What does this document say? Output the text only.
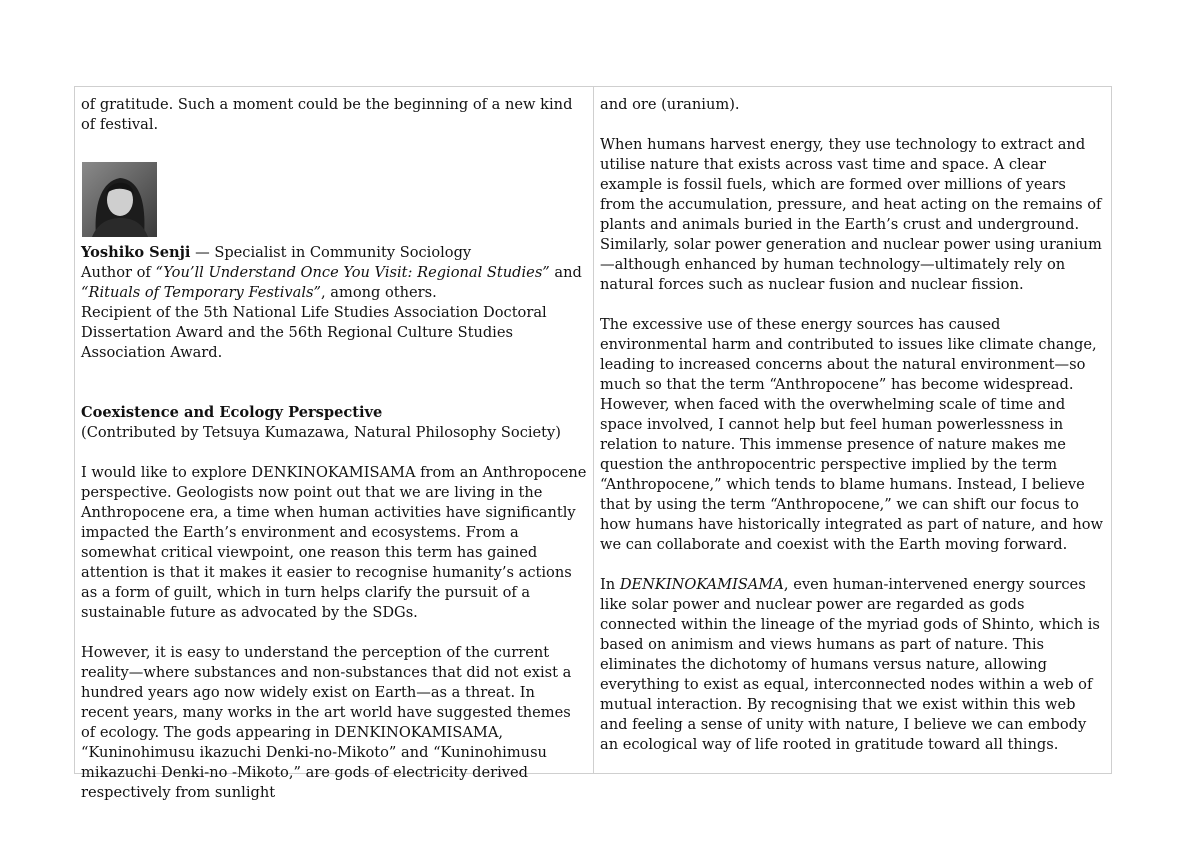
of gratitude. Such a moment could be the beginning of a new kind of festival.

Yoshiko Senji — Specialist in Community Sociology
Author of “You’ll Understand Once You Visit: Regional Studies” and
“Rituals of Temporary Festivals”, among others.
Recipient of the 5th National Life Studies Association Doctoral Dissertation Award and the 56th Regional Culture Studies Association Award.

Coexistence and Ecology Perspective

(Contributed by Tetsuya Kumazawa, Natural Philosophy Society)

I would like to explore DENKINOKAMISAMA from an Anthropocene perspective. Geologists now point out that we are living in the Anthropocene era, a time when human activities have significantly impacted the Earth’s environment and ecosystems. From a somewhat critical viewpoint, one reason this term has gained attention is that it makes it easier to recognise humanity’s actions as a form of guilt, which in turn helps clarify the pursuit of a sustainable future as advocated by the SDGs.

However, it is easy to understand the perception of the current reality—where substances and non-substances that did not exist a hundred years ago now widely exist on Earth—as a threat. In recent years, many works in the art world have suggested themes of ecology. The gods appearing in DENKINOKAMISAMA, “Kuninohimusu ikazuchi Denki-no-Mikoto” and “Kuninohimusu mikazuchi Denki-no -Mikoto,” are gods of electricity derived respectively from sunlight

and ore (uranium).

When humans harvest energy, they use technology to extract and utilise nature that exists across vast time and space. A clear example is fossil fuels, which are formed over millions of years from the accumulation, pressure, and heat acting on the remains of plants and animals buried in the Earth’s crust and underground. Similarly, solar power generation and nuclear power using uranium—although enhanced by human technology—ultimately rely on natural forces such as nuclear fusion and nuclear fission.

The excessive use of these energy sources has caused environmental harm and contributed to issues like climate change, leading to increased concerns about the natural environment—so much so that the term “Anthropocene” has become widespread. However, when faced with the overwhelming scale of time and space involved, I cannot help but feel human powerlessness in relation to nature. This immense presence of nature makes me question the anthropocentric perspective implied by the term “Anthropocene,” which tends to blame humans. Instead, I believe that by using the term “Anthropocene,” we can shift our focus to how humans have historically integrated as part of nature, and how we can collaborate and coexist with the Earth moving forward.

In DENKINOKAMISAMA, even human-intervened energy sources like solar power and nuclear power are regarded as gods connected within the lineage of the myriad gods of Shinto, which is based on animism and views humans as part of nature. This eliminates the dichotomy of humans versus nature, allowing everything to exist as equal, interconnected nodes within a web of mutual interaction. By recognising that we exist within this web and feeling a sense of unity with nature, I believe we can embody an ecological way of life rooted in gratitude toward all things.
